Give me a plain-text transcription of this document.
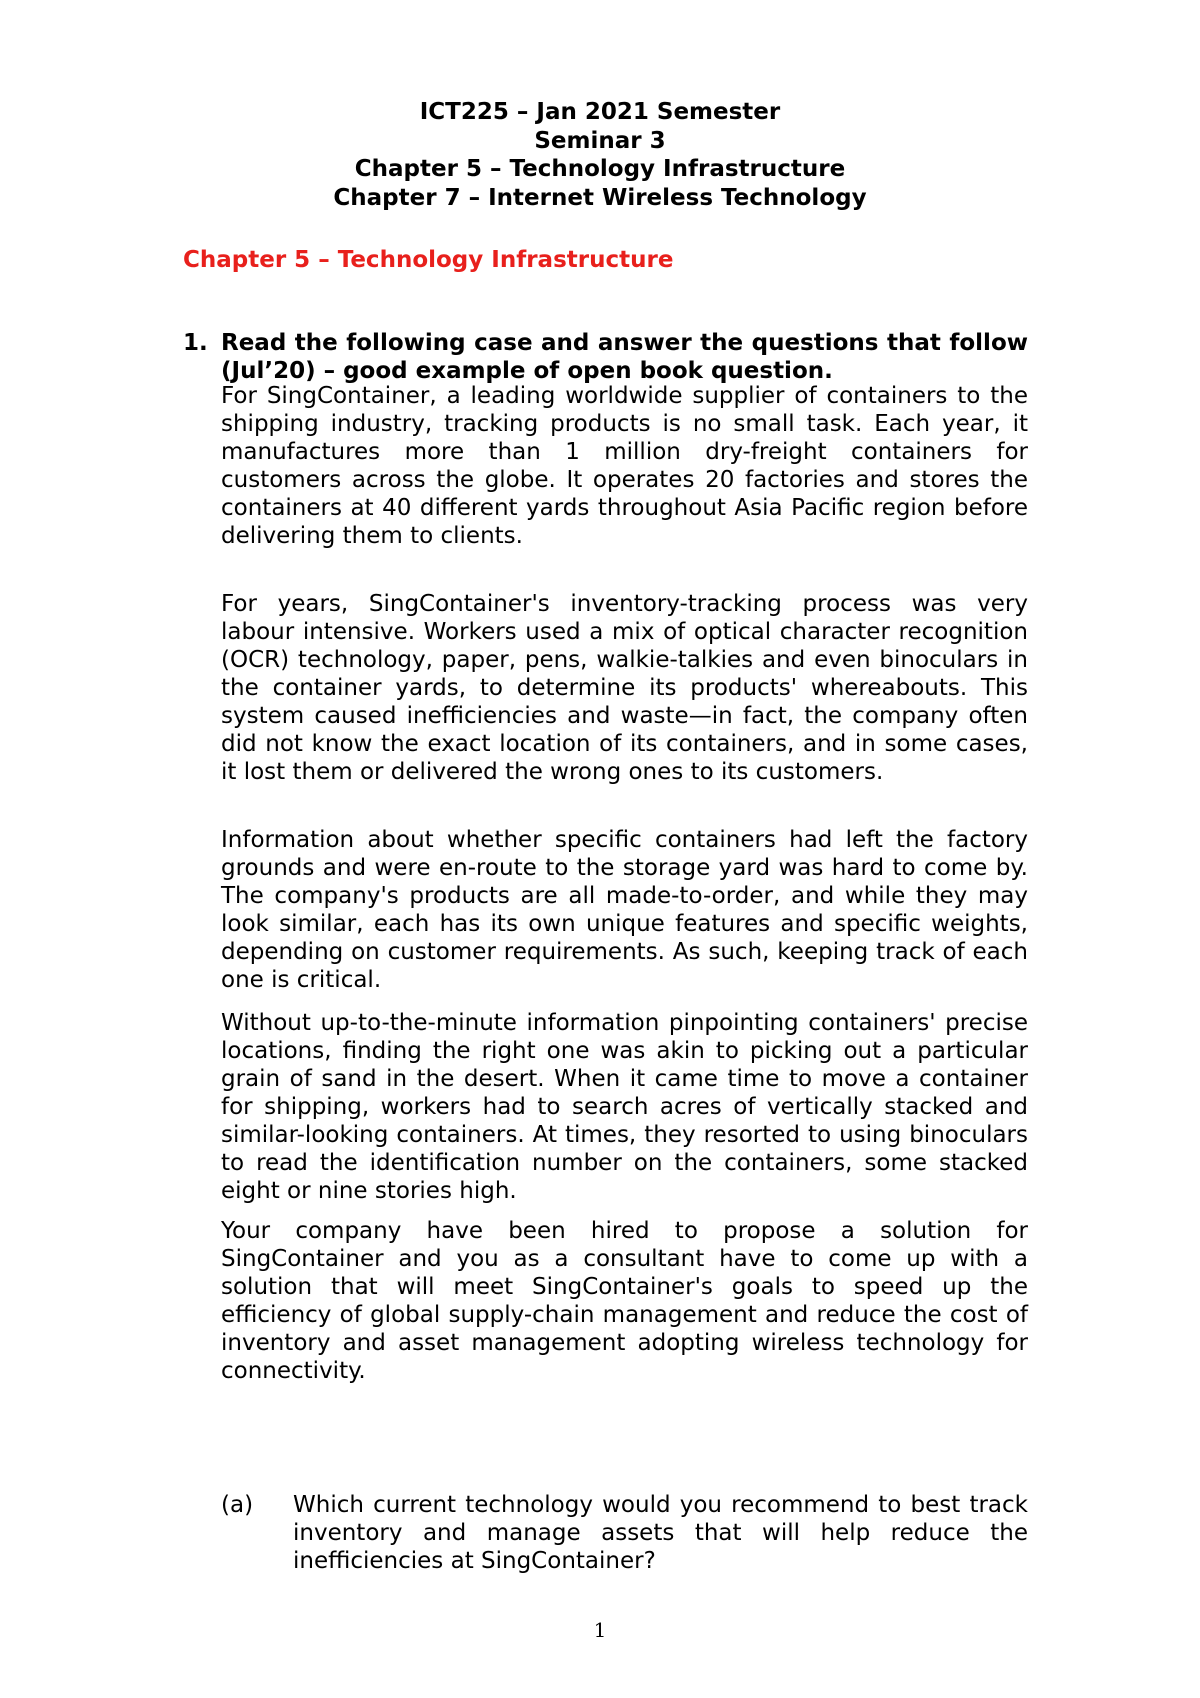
ICT225 – Jan 2021 Semester
Seminar 3
Chapter 5 – Technology Infrastructure
Chapter 7 – Internet Wireless Technology
Chapter 5 – Technology Infrastructure
1. Read the following case and answer the questions that follow (Jul’20) – good example of open book question.

For SingContainer, a leading worldwide supplier of containers to the shipping industry, tracking products is no small task. Each year, it manufactures more than 1 million dry-freight containers for customers across the globe. It operates 20 factories and stores the containers at 40 different yards throughout Asia Pacific region before delivering them to clients.

For years, SingContainer's inventory-tracking process was very labour intensive. Workers used a mix of optical character recognition (OCR) technology, paper, pens, walkie-talkies and even binoculars in the container yards, to determine its products' whereabouts. This system caused inefficiencies and waste—in fact, the company often did not know the exact location of its containers, and in some cases, it lost them or delivered the wrong ones to its customers.

Information about whether specific containers had left the factory grounds and were en-route to the storage yard was hard to come by. The company's products are all made-to-order, and while they may look similar, each has its own unique features and specific weights, depending on customer requirements. As such, keeping track of each one is critical.

Without up-to-the-minute information pinpointing containers' precise locations, finding the right one was akin to picking out a particular grain of sand in the desert. When it came time to move a container for shipping, workers had to search acres of vertically stacked and similar-looking containers. At times, they resorted to using binoculars to read the identification number on the containers, some stacked eight or nine stories high.

Your company have been hired to propose a solution for SingContainer and you as a consultant have to come up with a solution that will meet SingContainer's goals to speed up the efficiency of global supply-chain management and reduce the cost of inventory and asset management adopting wireless technology for connectivity.

(a) Which current technology would you recommend to best track inventory and manage assets that will help reduce the inefficiencies at SingContainer?
1
